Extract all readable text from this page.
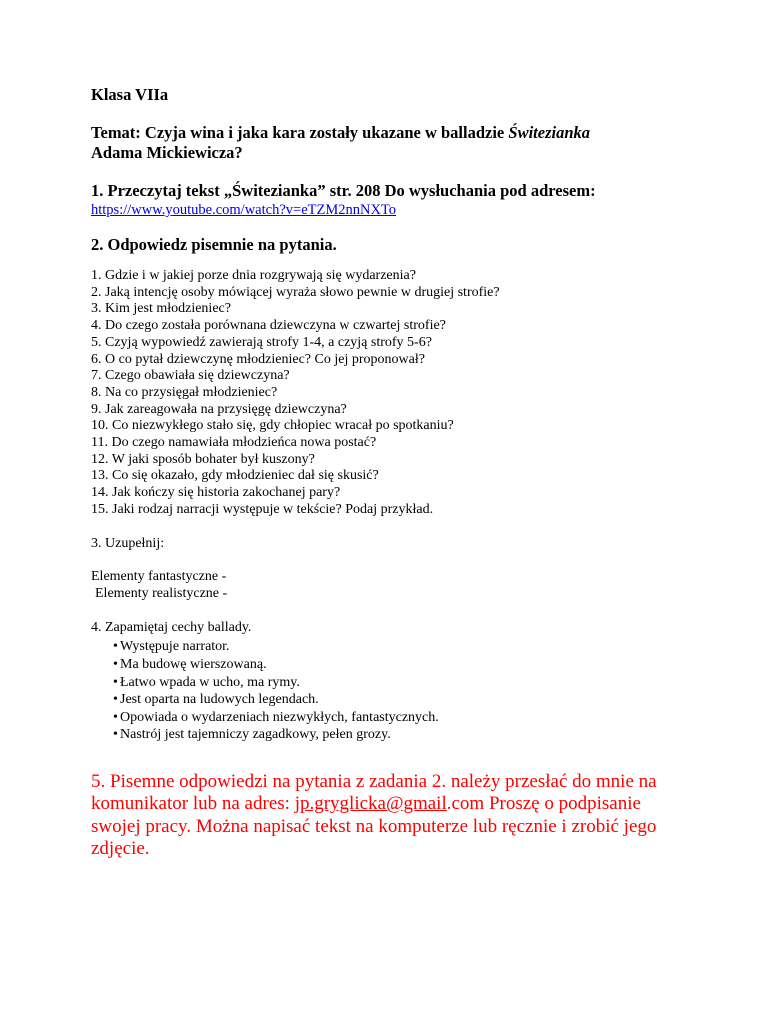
Klasa VIIa
Temat: Czyja wina i jaka kara zostały ukazane w balladzie Świtezianka
Adama Mickiewicza?
1. Przeczytaj tekst „Świtezianka” str. 208 Do wysłuchania pod adresem:
https://www.youtube.com/watch?v=eTZM2nnNXTo
2. Odpowiedz pisemnie na pytania.
1. Gdzie i w jakiej porze dnia rozgrywają się wydarzenia?
2. Jaką intencję osoby mówiącej wyraża słowo pewnie w drugiej strofie?
3. Kim jest młodzieniec?
4. Do czego została porównana dziewczyna w czwartej strofie?
5. Czyją wypowiedź zawierają strofy 1-4, a czyją strofy 5-6?
6. O co pytał dziewczynę młodzieniec? Co jej proponował?
7. Czego obawiała się dziewczyna?
8. Na co przysięgał młodzieniec?
9. Jak zareagowała na przysięgę dziewczyna?
10. Co niezwykłego stało się, gdy chłopiec wracał po spotkaniu?
11. Do czego namawiała młodzieńca nowa postać?
12. W jaki sposób bohater był kuszony?
13. Co się okazało, gdy młodzieniec dał się skusić?
14. Jak kończy się historia zakochanej pary?
15. Jaki rodzaj narracji występuje w tekście? Podaj przykład.
3. Uzupełnij:
Elementy fantastyczne -
Elementy realistyczne -
4. Zapamiętaj cechy ballady.
• Występuje narrator.
• Ma budowę wierszowaną.
• Łatwo wpada w ucho, ma rymy.
• Jest oparta na ludowych legendach.
• Opowiada o wydarzeniach niezwykłych, fantastycznych.
• Nastrój jest tajemniczy zagadkowy, pełen grozy.
5. Pisemne odpowiedzi na pytania z zadania 2. należy przesłać do mnie na komunikator lub na adres: jp.gryglicka@gmail.com Proszę o podpisanie swojej pracy. Można napisać tekst na komputerze lub ręcznie i zrobić jego zdjęcie.
